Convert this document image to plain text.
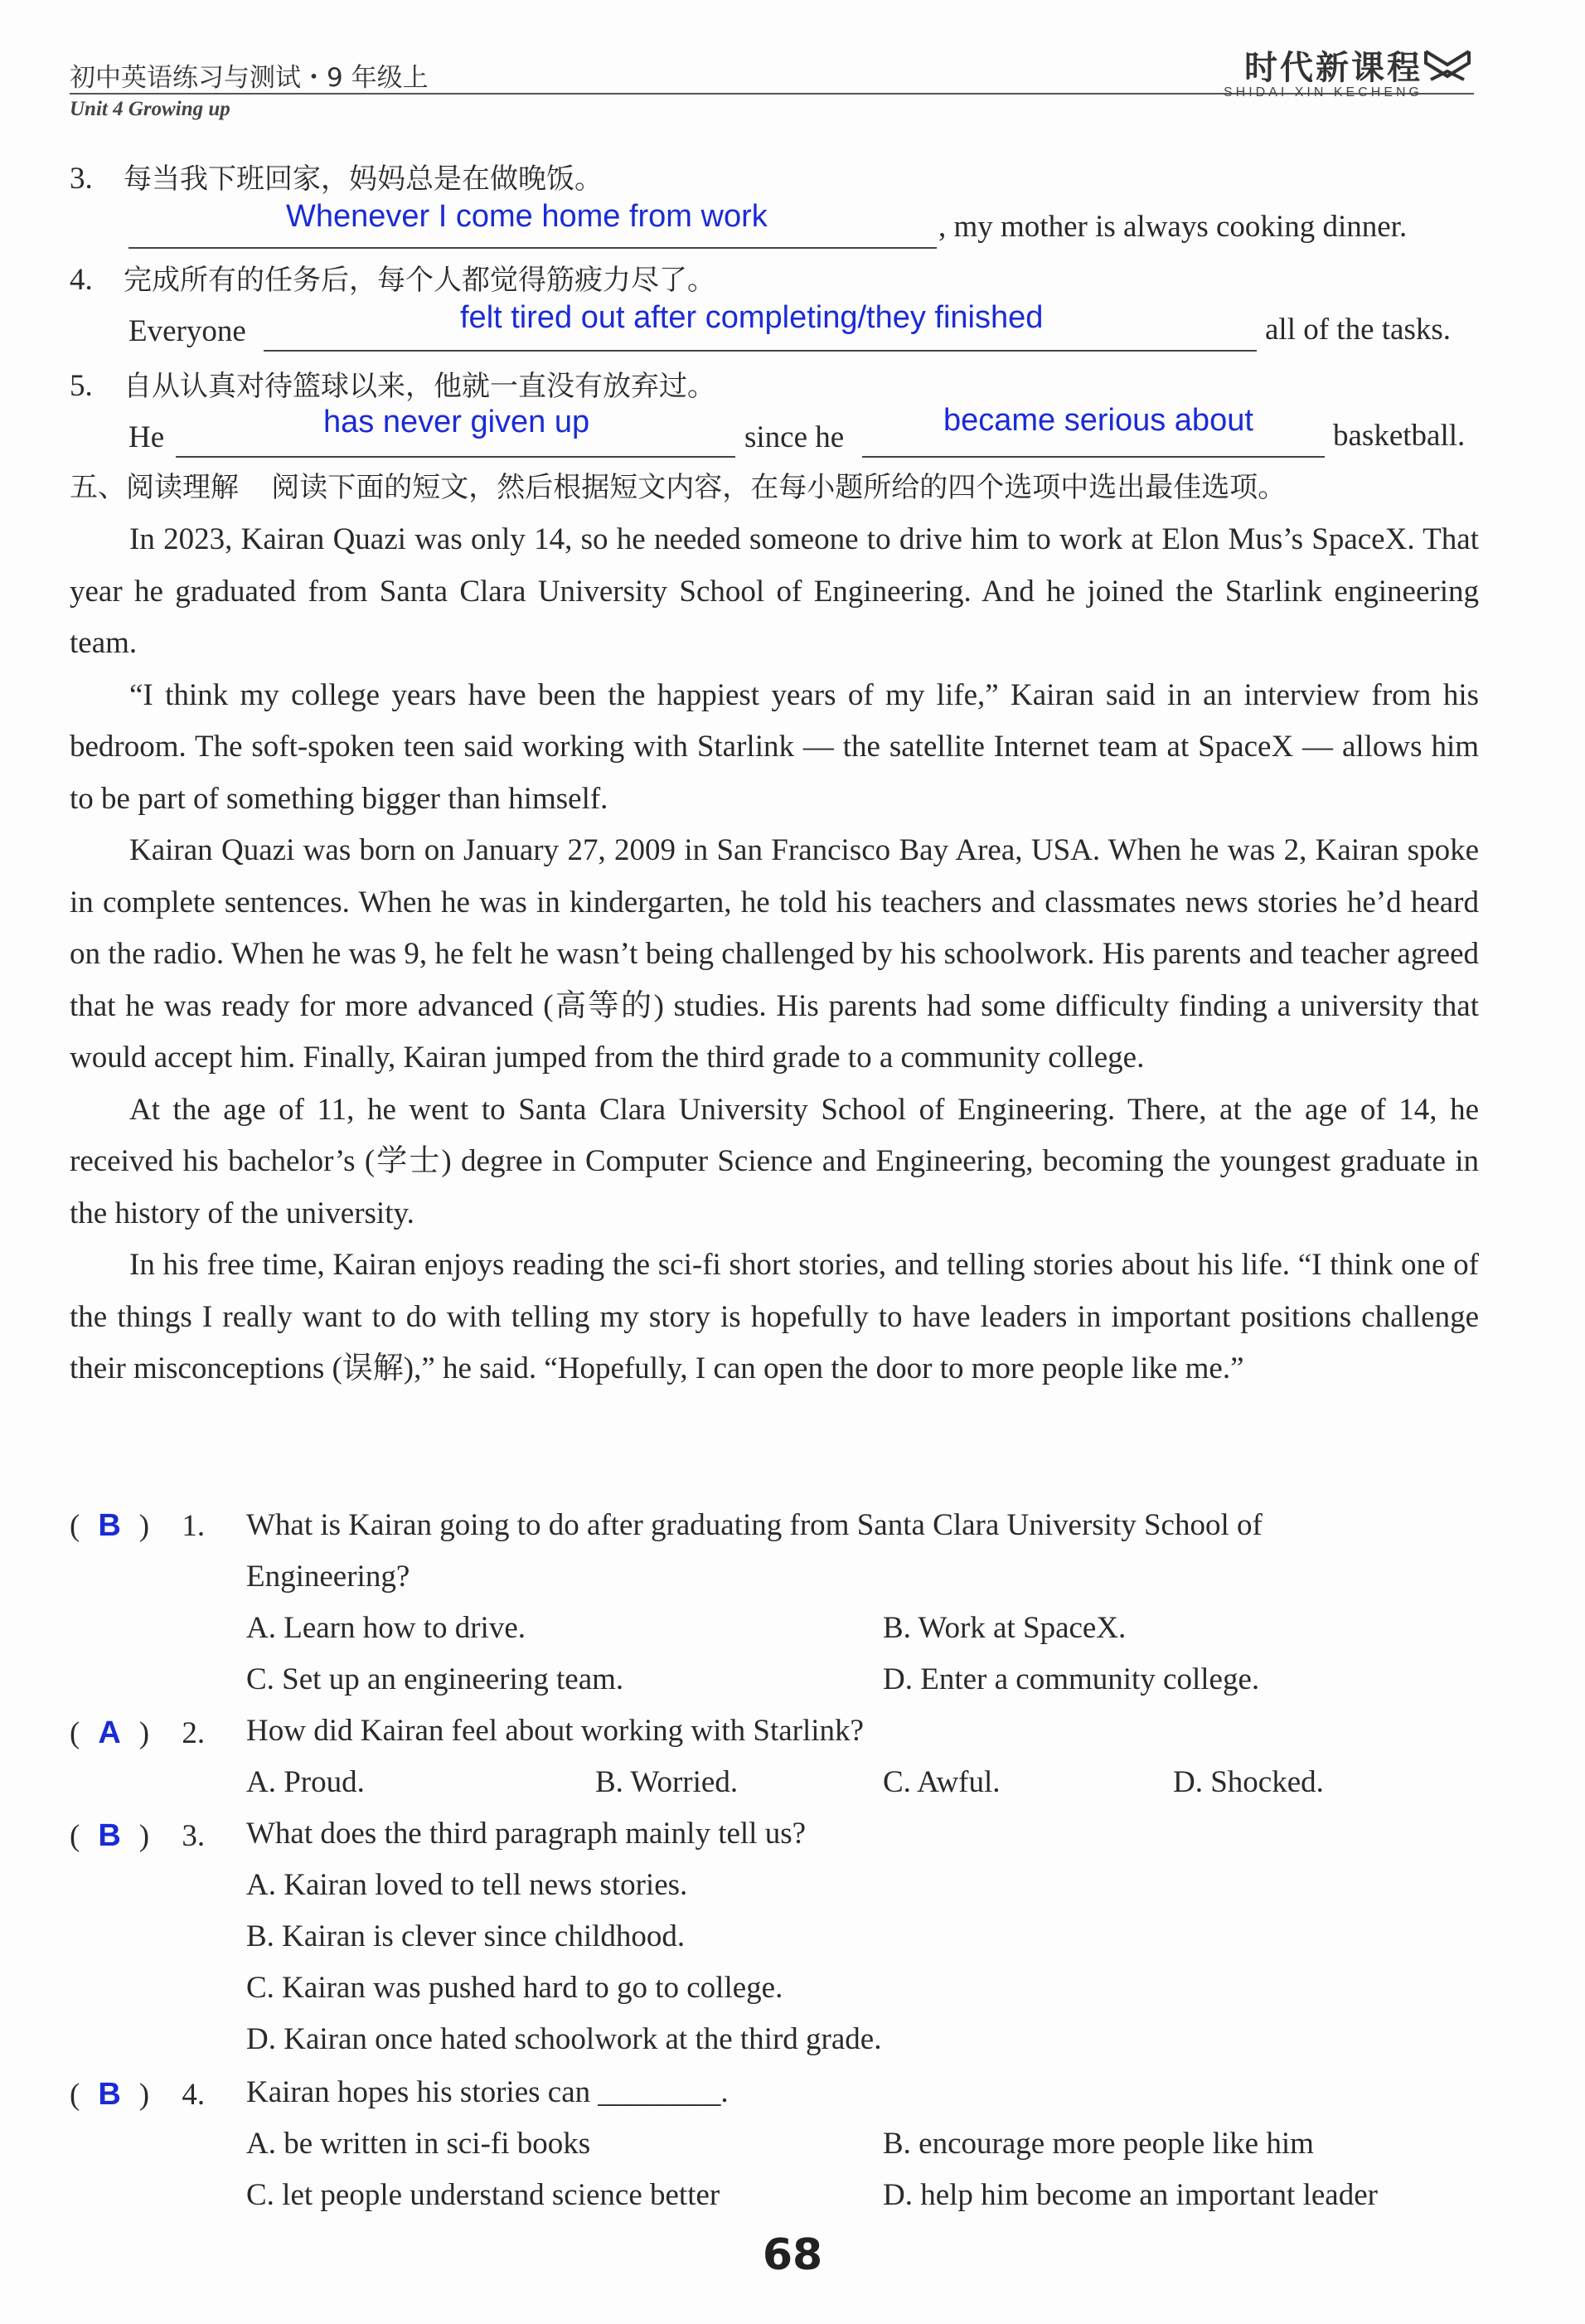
初中英语练习与测试・9 年级上
Unit 4 Growing up
时代新课程
SHIDAI XIN KECHENG
3. 每当我下班回家，妈妈总是在做晚饭。
Whenever I come home from work	, my mother is always cooking dinner.
4. 完成所有的任务后，每个人都觉得筋疲力尽了。
Everyone	felt tired out after completing/they finished	all of the tasks.
5. 自从认真对待篮球以来，他就一直没有放弃过。
He	has never given up	since he	became serious about	basketball.
五、阅读理解 阅读下面的短文，然后根据短文内容，在每小题所给的四个选项中选出最佳选项。

In 2023, Kairan Quazi was only 14, so he needed someone to drive him to work at Elon Mus’s SpaceX. That year he graduated from Santa Clara University School of Engineering. And he joined the Starlink engineering team.

“I think my college years have been the happiest years of my life,” Kairan said in an interview from his bedroom. The soft-spoken teen said working with Starlink — the satellite Internet team at SpaceX — allows him to be part of something bigger than himself.

Kairan Quazi was born on January 27, 2009 in San Francisco Bay Area, USA. When he was 2, Kairan spoke in complete sentences. When he was in kindergarten, he told his teachers and classmates news stories he’d heard on the radio. When he was 9, he felt he wasn’t being challenged by his schoolwork. His parents and teacher agreed that he was ready for more advanced (高等的) studies. His parents had some difficulty finding a university that would accept him. Finally, Kairan jumped from the third grade to a community college.

At the age of 11, he went to Santa Clara University School of Engineering. There, at the age of 14, he received his bachelor’s (学士) degree in Computer Science and Engineering, becoming the youngest graduate in the history of the university.

In his free time, Kairan enjoys reading the sci-fi short stories, and telling stories about his life. “I think one of the things I really want to do with telling my story is hopefully to have leaders in important positions challenge their misconceptions (误解),” he said. “Hopefully, I can open the door to more people like me.”

( B ) 1. What is Kairan going to do after graduating from Santa Clara University School of
Engineering?
A. Learn how to drive.	B. Work at SpaceX.
C. Set up an engineering team.	D. Enter a community college.
( A ) 2. How did Kairan feel about working with Starlink?
A. Proud.	B. Worried.	C. Awful.	D. Shocked.
( B ) 3. What does the third paragraph mainly tell us?
A. Kairan loved to tell news stories.
B. Kairan is clever since childhood.
C. Kairan was pushed hard to go to college.
D. Kairan once hated schoolwork at the third grade.
( B ) 4. Kairan hopes his stories can ________.
A. be written in sci-fi books	B. encourage more people like him
C. let people understand science better	D. help him become an important leader
68
